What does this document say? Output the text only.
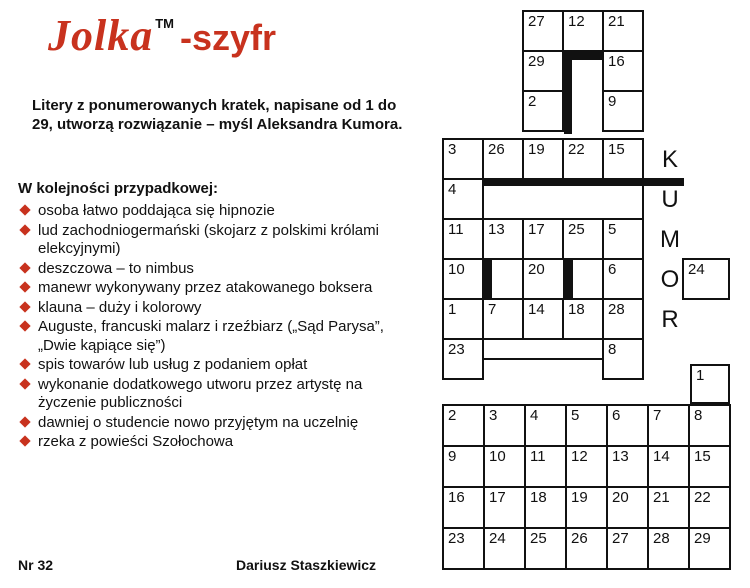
Jolka ™ -szyfr
Litery z ponumerowanych kratek, napisane od 1 do 29, utworzą rozwiązanie – myśl Aleksandra Kumora.
W kolejności przypadkowej:
osoba łatwo poddająca się hipnozie
lud zachodniogermański (skojarz z polskimi królami elekcyjnymi)
deszczowa – to nimbus
manewr wykonywany przez atakowanego boksera
klauna – duży i kolorowy
Auguste, francuski malarz i rzeźbiarz („Sąd Parysa”, „Dwie kąpiące się”)
spis towarów lub usług z podaniem opłat
wykonanie dodatkowego utworu przez artystę na życzenie publiczności
dawniej o studencie nowo przyjętym na uczelnię
rzeka z powieści Szołochowa
Nr 32	Dariusz Staszkiewicz
27 12 21
29	16
2	9
3 26 19 22 15
4
11 13 17 25 5
10	20	6	24
1 7 14 18 28
23	8
K
U
M
O
R
1
2 3 4 5 6 7 8
9 10 11 12 13 14 15
16 17 18 19 20 21 22
23 24 25 26 27 28 29
